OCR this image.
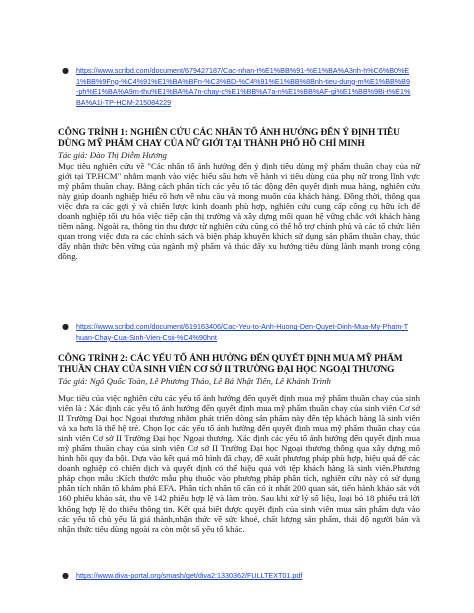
● https://www.scribd.com/document/679427187/Cac-nhan-t%E1%BB%91-%E1%BA%A3nh-h%C6%B0%E1%BB%9Fng-%C4%91%E1%BA%BFn-%C3%BD-%C4%91%E1%BB%8Bnh-tieu-dung-m%E1%BB%B9-ph%E1%BA%A9m-thu%E1%BA%A7n-chay-c%E1%BB%A7a-n%E1%BB%AF-gi%E1%BB%9Bi-t%E1%BA%A1i-TP-HCM-215084229
CÔNG TRÌNH 1: NGHIÊN CỨU CÁC NHÂN TỐ ẢNH HƯỞNG ĐẾN Ý ĐỊNH TIÊU DÙNG MỸ PHẨM CHAY CỦA NỮ GIỚI TẠI THÀNH PHỐ HỒ CHÍ MINH
Tác giả: Đào Thị Diễm Hương
Mục tiêu nghiên cứu về "Các nhân tố ảnh hưởng đến ý định tiêu dùng mỹ phẩm thuần chay của nữ giới tại TP.HCM" nhằm mạnh vào việc hiểu sâu hơn về hành vi tiêu dùng của phụ nữ trong lĩnh vực mỹ phẩm thuần chay. Bằng cách phân tích các yếu tố tác động đến quyết định mua hàng, nghiên cứu này giúp doanh nghiệp hiểu rõ hơn về nhu cầu và mong muốn của khách hàng. Đồng thời, thông qua việc đưa ra các gợi ý và chiến lược kinh doanh phù hợp, nghiên cứu cung cấp công cụ hữu ích để doanh nghiệp tối ưu hóa việc tiếp cận thị trường và xây dựng mối quan hệ vững chắc với khách hàng tiềm năng. Ngoài ra, thông tin thu được từ nghiên cứu cũng có thể hỗ trợ chính phủ và các tổ chức liên quan trong việc đưa ra các chính sách và biện pháp khuyến khích sử dụng sản phẩm thuần chay, thúc đẩy nhận thức bền vững của ngành mỹ phẩm và thúc đẩy xu hướng tiêu dùng lành mạnh trong cộng đồng.
● https://www.scribd.com/document/619163406/Cac-Yeu-to-Anh-Huong-Den-Quyet-Dinh-Mua-My-Pham-Thuan-Chay-Cua-Sinh-Vien-Csii-%C4%90hnt
CÔNG TRÌNH 2: CÁC YẾU TỐ ẢNH HƯỞNG ĐẾN QUYẾT ĐỊNH MUA MỸ PHẨM THUẦN CHAY CỦA SINH VIÊN CƠ SỞ II TRƯỜNG ĐẠI HỌC NGOẠI THƯƠNG
Tác giả: Ngô Quốc Toàn, Lê Phương Thảo, Lê Bá Nhật Tiến, Lê Khánh Trình
Mục tiêu của việc nghiên cứu các yếu tố ảnh hưởng đến quyết định mua mỹ phẩm thuần chay của sinh viên là : Xác định các yếu tố ảnh hưởng đến quyết định mua mỹ phẩm thuần chay của sinh viên Cơ sở II Trường Đại học Ngoại thương nhằm phát triển dòng sản phẩm này đến tệp khách hàng là sinh viên và xa hơn là thế hệ trẻ. Chọn lọc các yếu tố ảnh hưởng đến quyết định mua mỹ phẩm thuần chay của sinh viên Cơ sở II Trường Đại học Ngoại thương. Xác định các yếu tố ảnh hưởng đến quyết định mua mỹ phẩm thuần chay của sinh viên Cơ sở II Trường Đại học Ngoại thương thông qua xây dựng mô hình hồi quy đa bội. Dựa vào kết quả mô hình đã chạy, đề xuất phương pháp phù hợp, hiệu quả để các doanh nghiệp có chiến dịch và quyết định có thể hiệu quả với tệp khách hàng là sinh viên.Phương pháp chọn mẫu :Kích thước mẫu phụ thuộc vào phương pháp phân tích, nghiên cứu này có sử dụng phân tích nhân tố khám phá EFA. Phân tích nhân tố cần có ít nhất 200 quan sát, tiến hành khảo sát với 160 phiếu khảo sát, thu về 142 phiếu hợp lệ và làm tròn. Sau khi xử lý số liệu, loại bỏ 18 phiếu trả lời không hợp lệ do thiếu thông tin. Kết quả biết được quyết định của sinh viên mua sản phẩm dựa vào các yếu tố chủ yếu là giá thành,nhận thức về sức khoẻ, chất lượng sản phẩm, thái độ người bán và nhận thức tiêu dùng ngoài ra còn một số yếu tố khác.
● https://www.diva-portal.org/smash/get/diva2:1330362/FULLTEXT01.pdf
